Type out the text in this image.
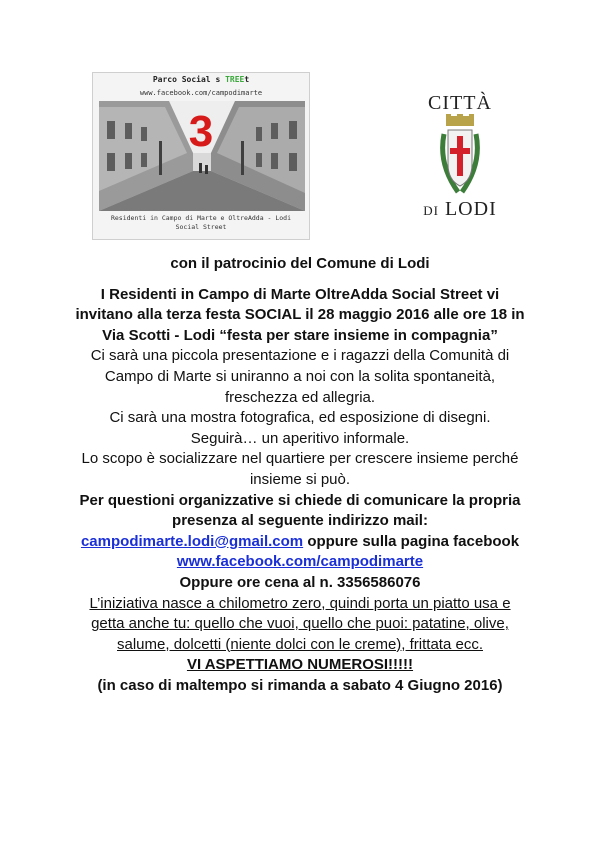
Parco Social s TREEt
www.facebook.com/campodimarte
3
Residenti in Campo di Marte e OltreAdda - Lodi
Social Street
CITTÀ
DI LODI

con il patrocinio del Comune di Lodi

I Residenti in Campo di Marte OltreAdda Social Street vi

invitano alla terza festa SOCIAL il 28 maggio 2016 alle ore 18 in

Via Scotti - Lodi “festa per stare insieme in compagnia”

Ci sarà una piccola presentazione e i ragazzi della Comunità di

Campo di Marte si uniranno a noi con la solita spontaneità,

freschezza ed allegria.

Ci sarà una mostra fotografica, ed esposizione di disegni.

Seguirà… un aperitivo informale.

Lo scopo è socializzare nel quartiere per crescere insieme perché

insieme si può.

Per questioni organizzative si chiede di comunicare la propria

presenza al seguente indirizzo mail:

campodimarte.lodi@gmail.com oppure sulla pagina facebook

www.facebook.com/campodimarte

Oppure ore cena al n. 3356586076

L’iniziativa nasce a chilometro zero, quindi porta un piatto usa e

getta anche tu: quello che vuoi, quello che puoi: patatine, olive,

salume, dolcetti (niente dolci con le creme), frittata ecc.

VI ASPETTIAMO NUMEROSI!!!!!

(in caso di maltempo si rimanda a sabato 4 Giugno 2016)
